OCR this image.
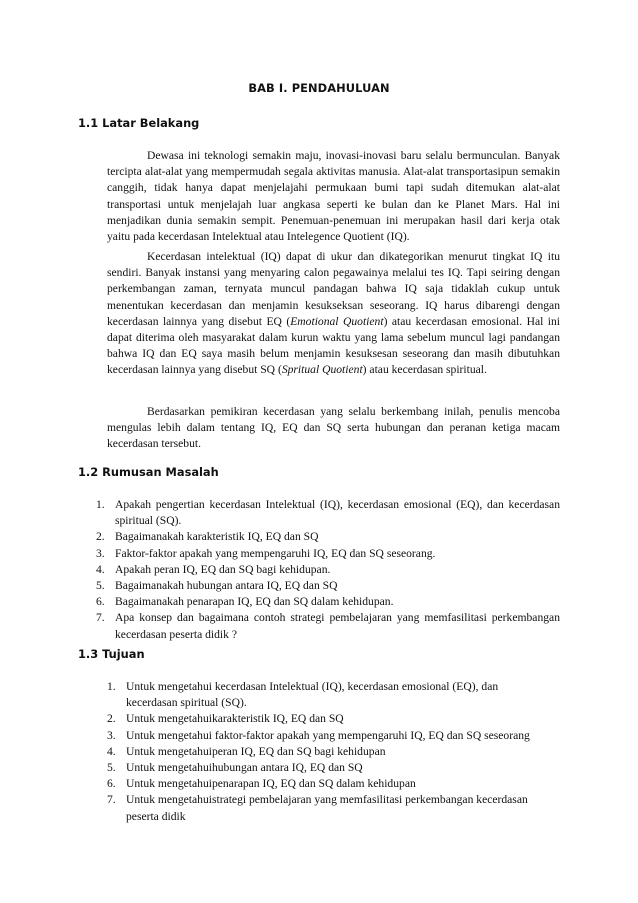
BAB I. PENDAHULUAN
1.1 Latar Belakang

Dewasa ini teknologi semakin maju, inovasi-inovasi baru selalu bermunculan. Banyak tercipta alat-alat yang mempermudah segala aktivitas manusia. Alat-alat transportasipun semakin canggih, tidak hanya dapat menjelajahi permukaan bumi tapi sudah ditemukan alat-alat transportasi untuk menjelajah luar angkasa seperti ke bulan dan ke Planet Mars. Hal ini menjadikan dunia semakin sempit. Penemuan-penemuan ini merupakan hasil dari kerja otak yaitu pada kecerdasan Intelektual atau Intelegence Quotient (IQ).

Kecerdasan intelektual (IQ) dapat di ukur dan dikategorikan menurut tingkat IQ itu sendiri. Banyak instansi yang menyaring calon pegawainya melalui tes IQ. Tapi seiring dengan perkembangan zaman, ternyata muncul pandagan bahwa IQ saja tidaklah cukup untuk menentukan kecerdasan dan menjamin kesukseksan seseorang. IQ harus dibarengi dengan kecerdasan lainnya yang disebut EQ (Emotional Quotient) atau kecerdasan emosional. Hal ini dapat diterima oleh masyarakat dalam kurun waktu yang lama sebelum muncul lagi pandangan bahwa IQ dan EQ saya masih belum menjamin kesuksesan seseorang dan masih dibutuhkan kecerdasan lainnya yang disebut SQ (Spritual Quotient) atau kecerdasan spiritual.

Berdasarkan pemikiran kecerdasan yang selalu berkembang inilah, penulis mencoba mengulas lebih dalam tentang IQ, EQ dan SQ serta hubungan dan peranan ketiga macam kecerdasan tersebut.

1.2 Rumusan Masalah
1. Apakah pengertian kecerdasan Intelektual (IQ), kecerdasan emosional (EQ), dan kecerdasan spiritual (SQ).
2. Bagaimanakah karakteristik IQ, EQ dan SQ
3. Faktor-faktor apakah yang mempengaruhi IQ, EQ dan SQ seseorang.
4. Apakah peran IQ, EQ dan SQ bagi kehidupan.
5. Bagaimanakah hubungan antara IQ, EQ dan SQ
6. Bagaimanakah penarapan IQ, EQ dan SQ dalam kehidupan.
7. Apa konsep dan bagaimana contoh strategi pembelajaran yang memfasilitasi perkembangan kecerdasan peserta didik ?
1.3 Tujuan
1. Untuk mengetahui kecerdasan Intelektual (IQ), kecerdasan emosional (EQ), dan kecerdasan spiritual (SQ).
2. Untuk mengetahuikarakteristik IQ, EQ dan SQ
3. Untuk mengetahui faktor-faktor apakah yang mempengaruhi IQ, EQ dan SQ seseorang
4. Untuk mengetahuiperan IQ, EQ dan SQ bagi kehidupan
5. Untuk mengetahuihubungan antara IQ, EQ dan SQ
6. Untuk mengetahuipenarapan IQ, EQ dan SQ dalam kehidupan
7. Untuk mengetahuistrategi pembelajaran yang memfasilitasi perkembangan kecerdasan peserta didik
